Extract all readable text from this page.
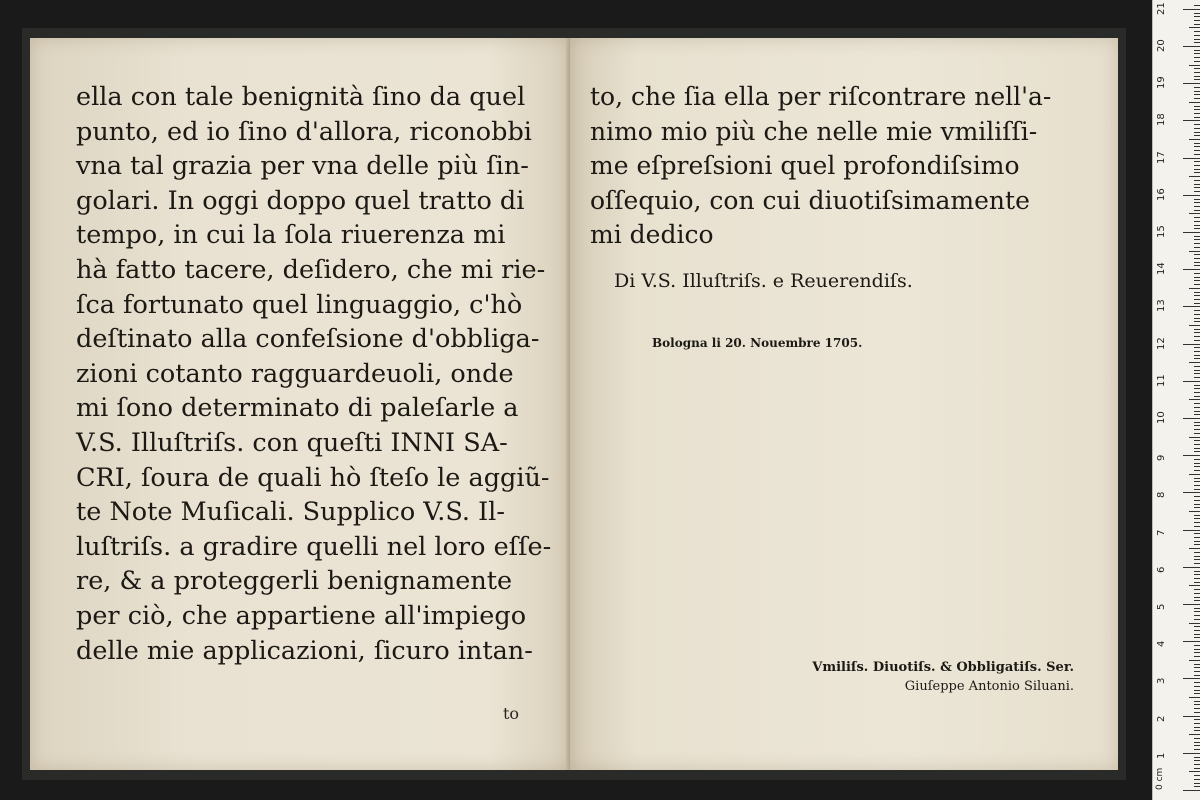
ella con tale benignità ſino da quel
punto, ed io ſino d'allora, riconobbi
vna tal grazia per vna delle più ſin-
golari. In oggi doppo quel tratto di
tempo, in cui la ſola riuerenza mi
hà fatto tacere, deſidero, che mi rie-
ſca fortunato quel linguaggio, c'hò
deſtinato alla confeſsione d'obbliga-
zioni cotanto ragguardeuoli, onde
mi ſono determinato di paleſarle a
V.S. Illuſtriſs. con queſti INNI SA-
CRI, ſoura de quali hò ſteſo le aggiũ-
te Note Muſicali. Supplico V.S. Il-
luſtriſs. a gradire quelli nel loro eſſe-
re, & a proteggerli benignamente
per ciò, che appartiene all'impiego
delle mie applicazioni, ſicuro intan-
to
to, che ſia ella per riſcontrare nell'a-
nimo mio più che nelle mie vmiliſſi-
me eſpreſsioni quel profondiſsimo
oſſequio, con cui diuotiſsimamente
mi dedico
Di V.S. Illuſtriſs. e Reuerendiſs.
Bologna li 20. Nouembre 1705.
Vmiliſs. Diuotiſs. & Obbligatiſs. Ser.
Giuſeppe Antonio Siluani.
0 cm
1
2
3
4
5
6
7
8
9
10
11
12
13
14
15
16
17
18
19
20
21
